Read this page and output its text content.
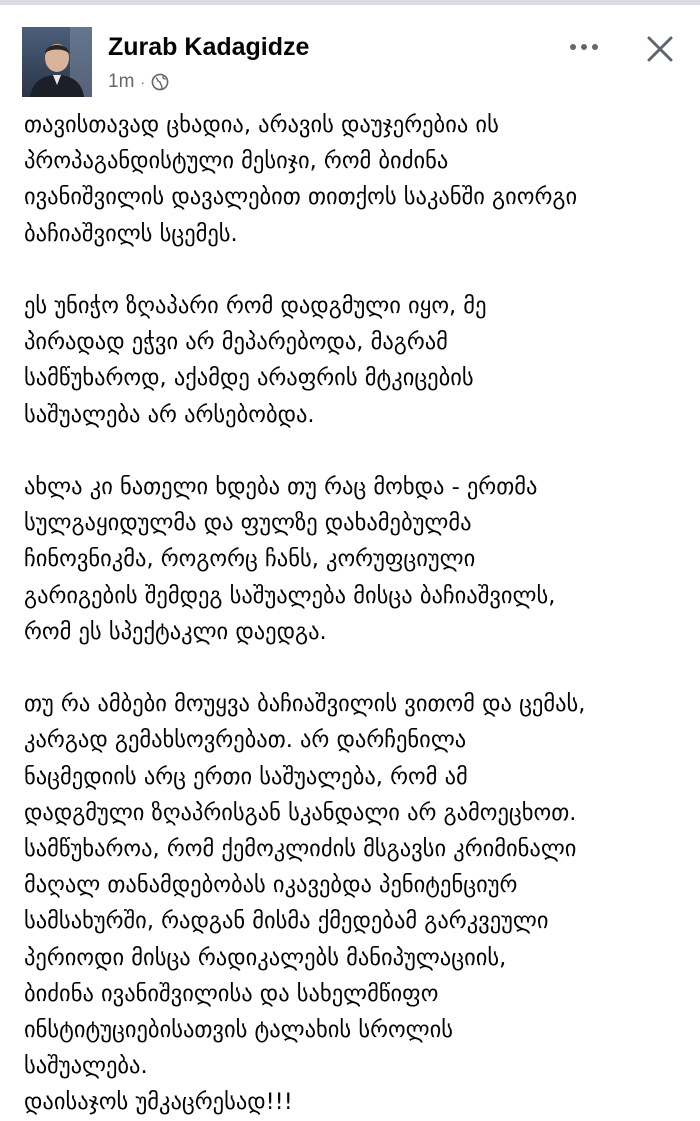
Zurab Kadagidze
1m ·

თავისთავად ცხადია, არავის დაუჯერებია ის
პროპაგანდისტული მესიჯი, რომ ბიძინა
ივანიშვილის დავალებით თითქოს საკანში გიორგი
ბაჩიაშვილს სცემეს.

ეს უნიჭო ზღაპარი რომ დადგმული იყო, მე
პირადად ეჭვი არ მეპარებოდა, მაგრამ
სამწუხაროდ, აქამდე არაფრის მტკიცების
საშუალება არ არსებობდა.

ახლა კი ნათელი ხდება თუ რაც მოხდა - ერთმა
სულგაყიდულმა და ფულზე დახამებულმა
ჩინოვნიკმა, როგორც ჩანს, კორუფციული
გარიგების შემდეგ საშუალება მისცა ბაჩიაშვილს,
რომ ეს სპექტაკლი დაედგა.

თუ რა ამბები მოუყვა ბაჩიაშვილის ვითომ და ცემას,
კარგად გემახსოვრებათ. არ დარჩენილა
ნაცმედიის არც ერთი საშუალება, რომ ამ
დადგმული ზღაპრისგან სკანდალი არ გამოეცხოთ.
სამწუხაროა, რომ ქემოკლიძის მსგავსი კრიმინალი
მაღალ თანამდებობას იკავებდა პენიტენციურ
სამსახურში, რადგან მისმა ქმედებამ გარკვეული
პერიოდი მისცა რადიკალებს მანიპულაციის,
ბიძინა ივანიშვილისა და სახელმწიფო
ინსტიტუციებისათვის ტალახის სროლის
საშუალება.
დაისაჯოს უმკაცრესად!!!
